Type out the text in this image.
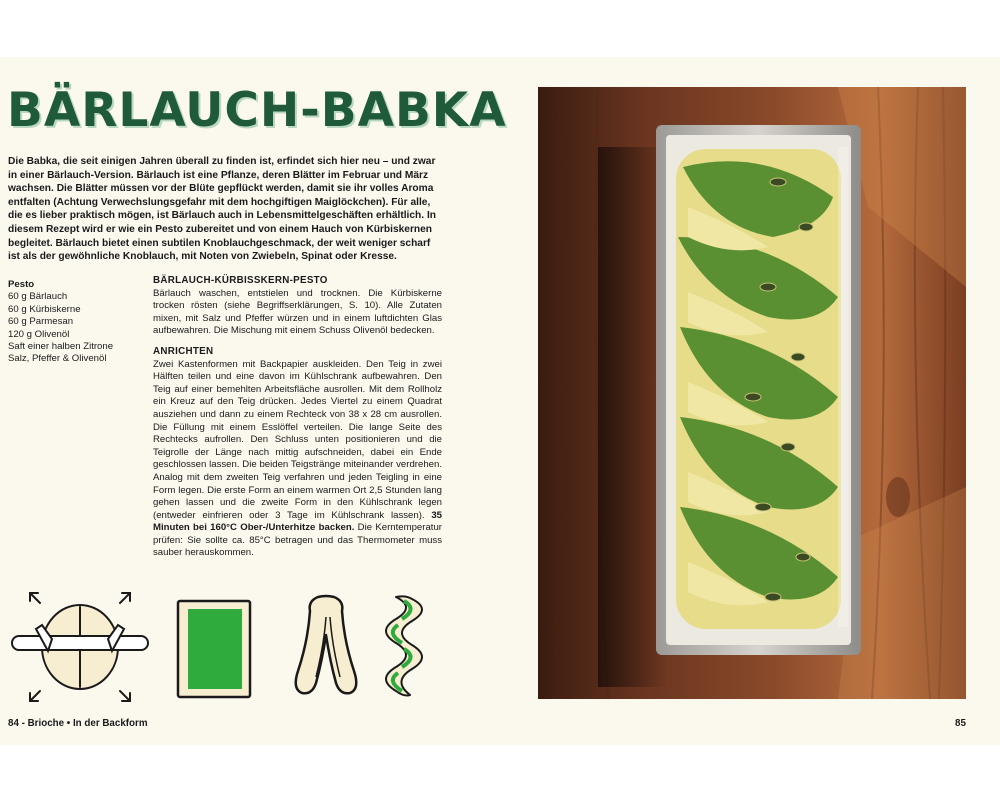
BÄRLAUCH-BABKA

Die Babka, die seit einigen Jahren überall zu finden ist, erfindet sich hier neu – und zwar in einer Bärlauch-Version. Bärlauch ist eine Pflanze, deren Blätter im Februar und März wachsen. Die Blätter müssen vor der Blüte gepflückt werden, damit sie ihr volles Aroma entfalten (Achtung Verwechslungsgefahr mit dem hochgiftigen Maiglöckchen). Für alle, die es lieber praktisch mögen, ist Bärlauch auch in Lebensmittelgeschäften erhältlich. In diesem Rezept wird er wie ein Pesto zubereitet und von einem Hauch von Kürbiskernen begleitet. Bärlauch bietet einen subtilen Knoblauchgeschmack, der weit weniger scharf ist als der gewöhnliche Knoblauch, mit Noten von Zwiebeln, Spinat oder Kresse.

Pesto
60 g Bärlauch
60 g Kürbiskerne
60 g Parmesan
120 g Olivenöl
Saft einer halben Zitrone
Salz, Pfeffer & Olivenöl
BÄRLAUCH-KÜRBISSKERN-PESTO

Bärlauch waschen, entstielen und trocknen. Die Kürbiskerne trocken rösten (siehe Begriffserklärungen, S. 10). Alle Zutaten mixen, mit Salz und Pfeffer würzen und in einem luftdichten Glas aufbewahren. Die Mischung mit einem Schuss Olivenöl bedecken.

ANRICHTEN

Zwei Kastenformen mit Backpapier auskleiden. Den Teig in zwei Hälften teilen und eine davon im Kühlschrank aufbewahren. Den Teig auf einer bemehlten Arbeitsfläche ausrollen. Mit dem Rollholz ein Kreuz auf den Teig drücken. Jedes Viertel zu einem Quadrat ausziehen und dann zu einem Rechteck von 38 x 28 cm ausrollen. Die Füllung mit einem Esslöffel verteilen. Die lange Seite des Rechtecks aufrollen. Den Schluss unten positionieren und die Teigrolle der Länge nach mittig aufschneiden, dabei ein Ende geschlossen lassen. Die beiden Teigstränge miteinander verdrehen. Analog mit dem zweiten Teig verfahren und jeden Teigling in eine Form legen. Die erste Form an einem warmen Ort 2,5 Stunden lang gehen lassen und die zweite Form in den Kühlschrank legen (entweder einfrieren oder 3 Tage im Kühlschrank lassen). 35 Minuten bei 160°C Ober-/Unterhitze backen. Die Kerntemperatur prüfen: Sie sollte ca. 85°C betragen und das Thermometer muss sauber herauskommen.

84 - Brioche • In der Backform	85
